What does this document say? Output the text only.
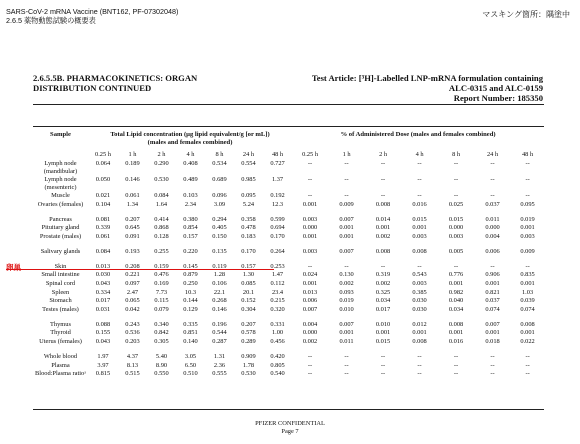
SARS-CoV-2 mRNA Vaccine (BNT162, PF-07302048)
2.6.5 薬物動態試験の概要表
マスキング箇所：隅塗中
2.6.5.5B. PHARMACOKINETICS: ORGAN
DISTRIBUTION CONTINUED
Test Article: [³H]-Labelled LNP-mRNA formulation containing
ALC-0315 and ALC-0159
Report Number: 185350
Sample	Total Lipid concentration (µg lipid equivalent/g [or mL])
(males and females combined)							% of Administered Dose (males and females combined)						
	0.25 h	1 h	2 h	4 h	8 h	24 h	48 h	0.25 h	1 h	2 h	4 h	8 h	24 h	48 h
Lymph node (mandibular)	0.064	0.189	0.290	0.408	0.534	0.554	0.727	--	--	--	--	--	--	--
Lymph node (mesenteric)	0.050	0.146	0.530	0.489	0.689	0.985	1.37	--	--	--	--	--	--	--
Muscle	0.021	0.061	0.084	0.103	0.096	0.095	0.192	--	--	--	--	--	--	--
Ovaries (females)	0.104	1.34	1.64	2.34	3.09	5.24	12.3	0.001	0.009	0.008	0.016	0.025	0.037	0.095
Pancreas	0.081	0.207	0.414	0.380	0.294	0.358	0.599	0.003	0.007	0.014	0.015	0.015	0.011	0.019
Pituitary gland	0.339	0.645	0.868	0.854	0.405	0.478	0.694	0.000	0.001	0.001	0.001	0.000	0.000	0.001
Prostate (males)	0.061	0.091	0.128	0.157	0.150	0.183	0.170	0.001	0.001	0.002	0.003	0.003	0.004	0.003
Salivary glands	0.084	0.193	0.255	0.220	0.135	0.170	0.264	0.003	0.007	0.008	0.008	0.005	0.006	0.009
Skin	0.013	0.208	0.159	0.145	0.119	0.157	0.253	--	--	--	--	--	--	--
Small intestine	0.030	0.221	0.476	0.879	1.28	1.30	1.47	0.024	0.130	0.319	0.543	0.776	0.906	0.835
Spinal cord	0.043	0.097	0.169	0.250	0.106	0.085	0.112	0.001	0.002	0.002	0.003	0.001	0.001	0.001
Spleen	0.334	2.47	7.73	10.3	22.1	20.1	23.4	0.013	0.093	0.325	0.385	0.982	0.821	1.03
Stomach	0.017	0.065	0.115	0.144	0.268	0.152	0.215	0.006	0.019	0.034	0.030	0.040	0.037	0.039
Testes (males)	0.031	0.042	0.079	0.129	0.146	0.304	0.320	0.007	0.010	0.017	0.030	0.034	0.074	0.074
Thymus	0.088	0.243	0.340	0.335	0.196	0.207	0.331	0.004	0.007	0.010	0.012	0.008	0.007	0.008
Thyroid	0.155	0.536	0.842	0.851	0.544	0.578	1.00	0.000	0.001	0.001	0.001	0.001	0.001	0.001
Uterus (females)	0.043	0.203	0.305	0.140	0.287	0.289	0.456	0.002	0.011	0.015	0.008	0.016	0.018	0.022
Whole blood	1.97	4.37	5.40	3.05	1.31	0.909	0.420	--	--	--	--	--	--	--
Plasma	3.97	8.13	8.90	6.50	2.36	1.78	0.805	--	--	--	--	--	--	--
Blood:Plasma ratioᵃ	0.815	0.515	0.550	0.510	0.555	0.530	0.540	--	--	--	--	--	--	--
卵巣
PFIZER CONFIDENTIAL
Page 7
